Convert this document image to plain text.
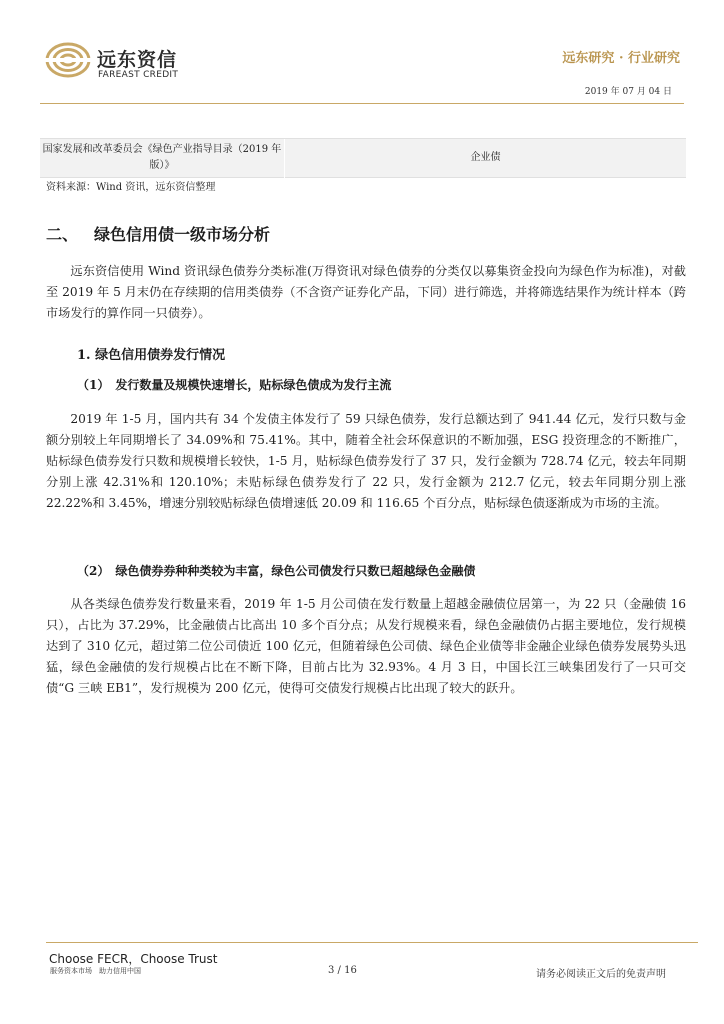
远东资信
FAREAST CREDIT
远东研究 · 行业研究
2019 年 07 月 04 日
国家发展和改革委员会《绿色产业指导目录（2019 年版）》
企业债
资料来源：Wind 资讯，远东资信整理
二、 绿色信用债一级市场分析
远东资信使用 Wind 资讯绿色债券分类标准(万得资讯对绿色债券的分类仅以募集资金投向为绿色作为标准)，对截至 2019 年 5 月末仍在存续期的信用类债券（不含资产证券化产品，下同）进行筛选，并将筛选结果作为统计样本（跨市场发行的算作同一只债券）。
1. 绿色信用债券发行情况
（1）　发行数量及规模快速增长，贴标绿色债成为发行主流
2019 年 1-5 月，国内共有 34 个发债主体发行了 59 只绿色债券，发行总额达到了 941.44 亿元，发行只数与金额分别较上年同期增长了 34.09%和 75.41%。其中，随着全社会环保意识的不断加强，ESG 投资理念的不断推广，贴标绿色债券发行只数和规模增长较快，1-5 月，贴标绿色债券发行了 37 只，发行金额为 728.74 亿元，较去年同期分别上涨 42.31%和 120.10%；未贴标绿色债券发行了 22 只，发行金额为 212.7 亿元，较去年同期分别上涨 22.22%和 3.45%，增速分别较贴标绿色债增速低 20.09 和 116.65 个百分点，贴标绿色债逐渐成为市场的主流。
（2）　绿色债券券种种类较为丰富，绿色公司债发行只数已超越绿色金融债
从各类绿色债券发行数量来看，2019 年 1-5 月公司债在发行数量上超越金融债位居第一，为 22 只（金融债 16 只），占比为 37.29%，比金融债占比高出 10 多个百分点；从发行规模来看，绿色金融债仍占据主要地位，发行规模达到了 310 亿元，超过第二位公司债近 100 亿元，但随着绿色公司债、绿色企业债等非金融企业绿色债券发展势头迅猛，绿色金融债的发行规模占比在不断下降，目前占比为 32.93%。4 月 3 日，中国长江三峡集团发行了一只可交债“G 三峡 EB1”，发行规模为 200 亿元，使得可交债发行规模占比出现了较大的跃升。
Choose FECR，Choose Trust
服务资本市场　助力信用中国	3 / 16	请务必阅读正文后的免责声明
